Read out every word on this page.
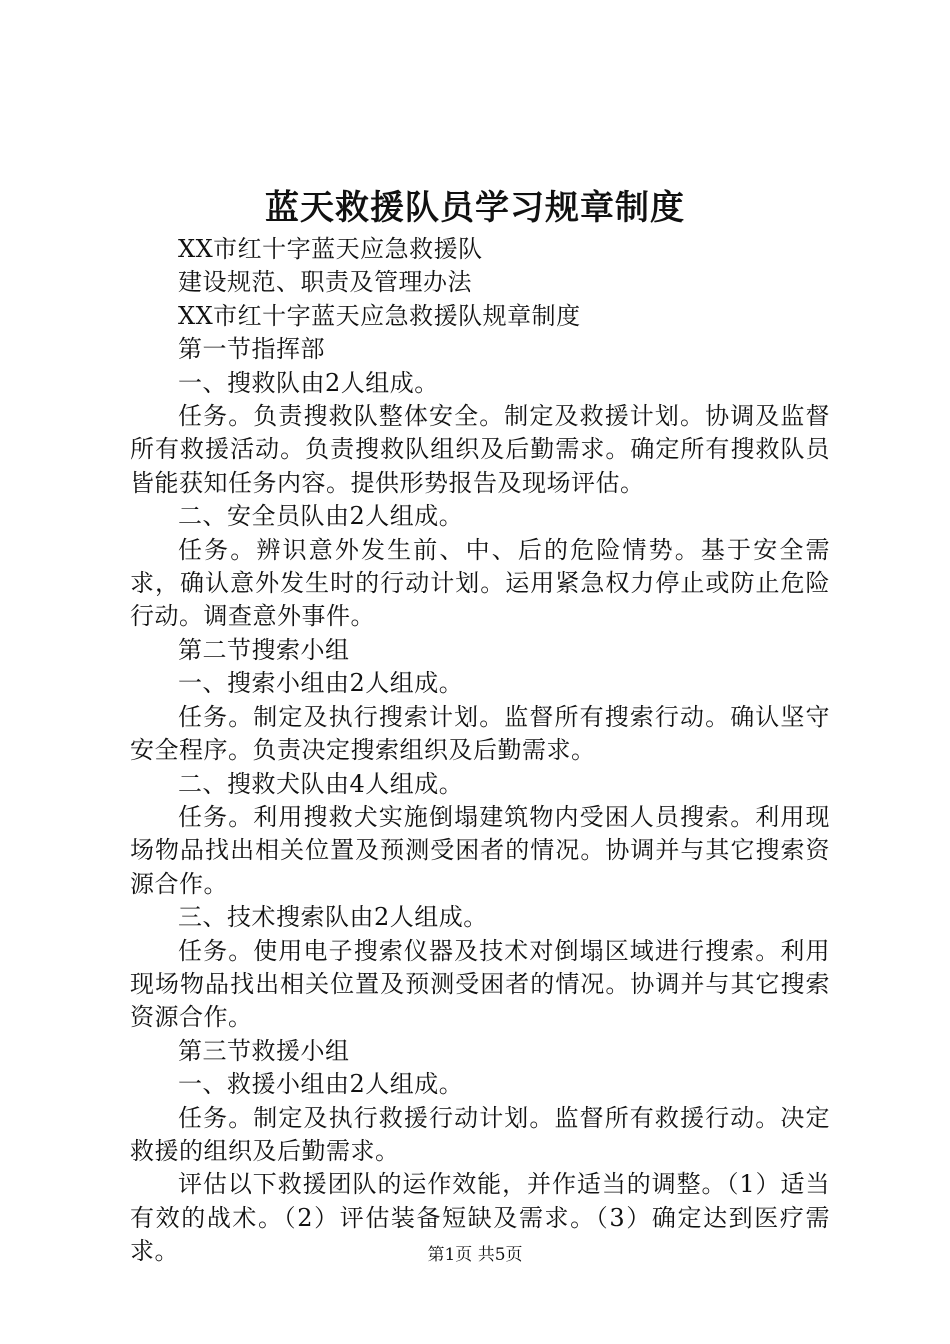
蓝天救援队员学习规章制度

XX市红十字蓝天应急救援队

建设规范、职责及管理办法

XX市红十字蓝天应急救援队规章制度

第一节指挥部

一、搜救队由2人组成。

任务。负责搜救队整体安全。制定及救援计划。协调及监督所有救援活动。负责搜救队组织及后勤需求。确定所有搜救队员皆能获知任务内容。提供形势报告及现场评估。

二、安全员队由2人组成。

任务。辨识意外发生前、中、后的危险情势。基于安全需求，确认意外发生时的行动计划。运用紧急权力停止或防止危险行动。调查意外事件。

第二节搜索小组

一、搜索小组由2人组成。

任务。制定及执行搜索计划。监督所有搜索行动。确认坚守安全程序。负责决定搜索组织及后勤需求。

二、搜救犬队由4人组成。

任务。利用搜救犬实施倒塌建筑物内受困人员搜索。利用现场物品找出相关位置及预测受困者的情况。协调并与其它搜索资源合作。

三、技术搜索队由2人组成。

任务。使用电子搜索仪器及技术对倒塌区域进行搜索。利用现场物品找出相关位置及预测受困者的情况。协调并与其它搜索资源合作。

第三节救援小组

一、救援小组由2人组成。

任务。制定及执行救援行动计划。监督所有救援行动。决定救援的组织及后勤需求。

评估以下救援团队的运作效能，并作适当的调整。（1）适当有效的战术。（2）评估装备短缺及需求。（3）确定达到医疗需求。	第1页 共5页
